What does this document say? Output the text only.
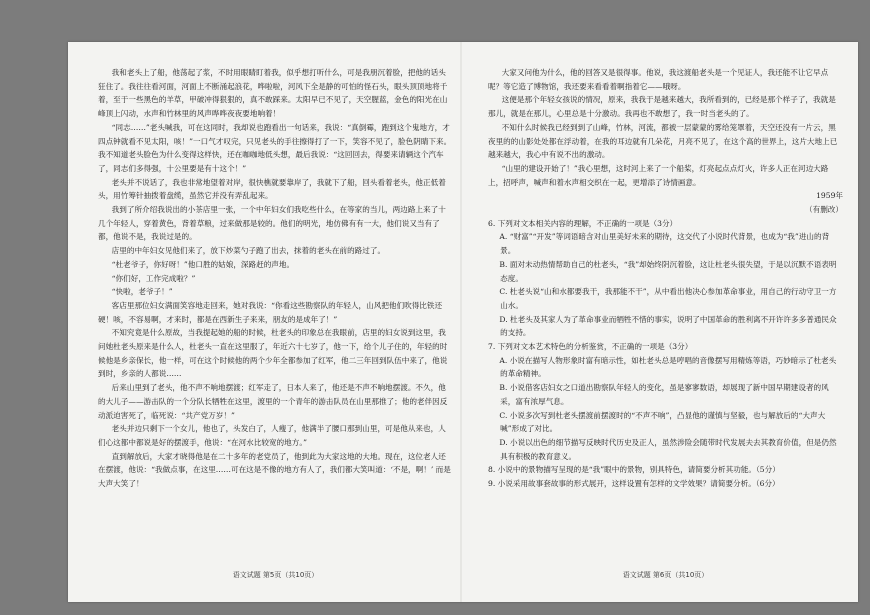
我和老头上了船，他荡起了浆，不时用眼睛盯着我，似乎想打听什么，可是我朋沉着脸，把他的话头狂住了。我往往看河面，河面上不断涌起浪花，哗啦啦，河风下全是静的可怕的怪石头，眼头顶顶地将千着，至于一些黑色的羊草，甲破冲得狠狠的，真不敢踩来。太阳早已不见了，天空腥蓝，金色的阳光在山峰顶上闪动，水声和竹林里的风声哗哗夜夜要地响着！

“同志……”老头喊我，可在这同时，我却说也跑看出一句话来，我说：“真倒霉，跑到这个鬼地方，才四点钟就看不见太阳，咳！”一口气才叹完，只见老头的手往擦得打了一下，笑容不见了，脸色阴睛下来。我不知道老头脸色为什么变得这样快，还在咖咖地低头想，最后我说：“这回回去，得要来请辆这个汽车了，同志们多得强，十公里要是有十这个！”

老头并不说话了，我也非常地望着对岸，很快樵就要靠岸了，我就下了船，回头看着老头，他正低着头，用竹筹针抽拨着盘缆，虽然它并没有弄乱起来。

我到了所介绍我说出的小茶店里一张，一个中年妇女们我吃些什么，在等家的当儿，两边路上来了十几个年轻人，穿着黄色，背着草粮，过来做那是较的。他们的明光，地仿佛有有一大，他们说又当有了都，他说不是，我说过是的。

店里的中年妇女见他们来了，放下炒菜勺子跑了出去，抹着的老头在前的路过了。

“杜老爷子，你好呀！”他口胜的姑娘，深路赶的声地。

“你们好，工作完成啦？”

“快啦，老爷子！”

客店里那位妇女满面笑容地走回来，她对我说：“你看这些勘察队的年轻人，山风把他们吹得比铁还硬！咳，不容易啊，才来时，都是在西新生子来来，朋友的是成年了！”

不知究竟是什么原故，当我提起她的船的时候，杜老头的印象总在我眼前，店里的妇女说到这里，我问她杜老头原来是什么人，杜老头一直在这里服了，年近六十七岁了，他一下，给个儿子住的，年轻的时候他是乡亲保长，他一样，可在这个时候他的两个少年全都参加了红军，他二三年回到队伍中来了，他说到时，乡亲的人都说……

后来山里到了老头，他不声不响地摆渡；红军走了，日本人来了，他还是不声不响地摆渡。不久，他的大儿子——游击队的一个分队长牺牲在这里，渡里的一个青年的游击队员在山里那推了；他的老伴因反动派迫害死了，临死说：“共产党万岁！”

老头并边只剩下一个女儿，他也了，头发白了，人瘦了，他满半了腰口那到山里，可是他从来也，人们心这都中都说是好的摆渡手，他说：“在河水比较宽的地方。”

直到解放后，大家才晓得他是在二十多年的老党员了，他到此为大家这地的大地。现在，这位老人还在摆渡，他说：“我做点事，在这里……可在这是不像的地方有人了，我们都大笑叫道：‘不是，啊！’ 而是大声大笑了！

语文试题 第5页（共10页）

大家又问他为什么，他的回答又是很得事。他说，我这渡船老头是一个见证人，我还能不让它早点呢？等它造了博物馆，我还要来看看着啊指着它——哦呀。

这便是那个年轻女孩说的情况，原来，我我于是越来越大，我所看到的，已经是那个样子了，我就是那儿，就是在那儿，心里总是十分激动。我再也不敢想了，我一时当老头的了。

不知什么时候我已经到到了山峰，竹林，河流，都被一层蒙蒙的雾给笼罩着，天空还没有一片云，黑夜里的的山影处处都在浮动着，在我的耳边就有几朵花，月亮不见了，在这个高的世界上，这片大地上已越来越大，我心中有说不出的激动。

“山里的建设开始了！”我心里想，这时河上来了一个船桨，灯亮起点点灯火，许多人正在河边大路上，招呼声，喊声和着水声相交织在一起，更增添了诗情画意。

1959年

（有删改）

6. 下列对文本相关内容的理解，不正确的一项是（3分）

A. “财富”“开发”等词语暗含对山里美好未来的期待，这交代了小说时代背景，也成为“我”进山的背景。

B. 面对未动热情帮助自己的杜老头，“我”却始终阴沉着脸，这让杜老头很失望，于是以沉默不语表明态度。

C. 杜老头说“山和水都要我干，我那能不干”，从中看出他决心参加革命事业，用自己的行动守卫一方山水。

D. 杜老头及其家人为了革命事业而牺牲不惜的事实，说明了中国革命的胜利离不开许许多多普通民众的支持。

7. 下列对文本艺术特色的分析鉴赏，不正确的一项是（3分）

A. 小说在描写人物形象时富有暗示性，如杜老头总是哼唱的音像摆写用精炼等语，巧妙暗示了杜老头的革命精神。

B. 小说借客店妇女之口道出勘察队年轻人的变化，虽是寥寥数语，却展现了新中国早期建设者的风采，富有浓厚气息。

C. 小说多次写到杜老头摆渡前摆渡时的“不声不响”，凸显他的谨慎与坚毅，也与解放后的“大声大喊”形成了对比。

D. 小说以出色的细节描写反映时代历史及正人，虽然涉险会随带时代发展夫去其教育价值，但是仍然具有积极的教育意义。

8. 小说中的景物描写呈现的是“我”眼中的景物，别具特色，请简要分析其功能。（5分）

9. 小说采用故事套故事的形式展开，这样设置有怎样的文学效果？请简要分析。（6分）

语文试题 第6页（共10页）
